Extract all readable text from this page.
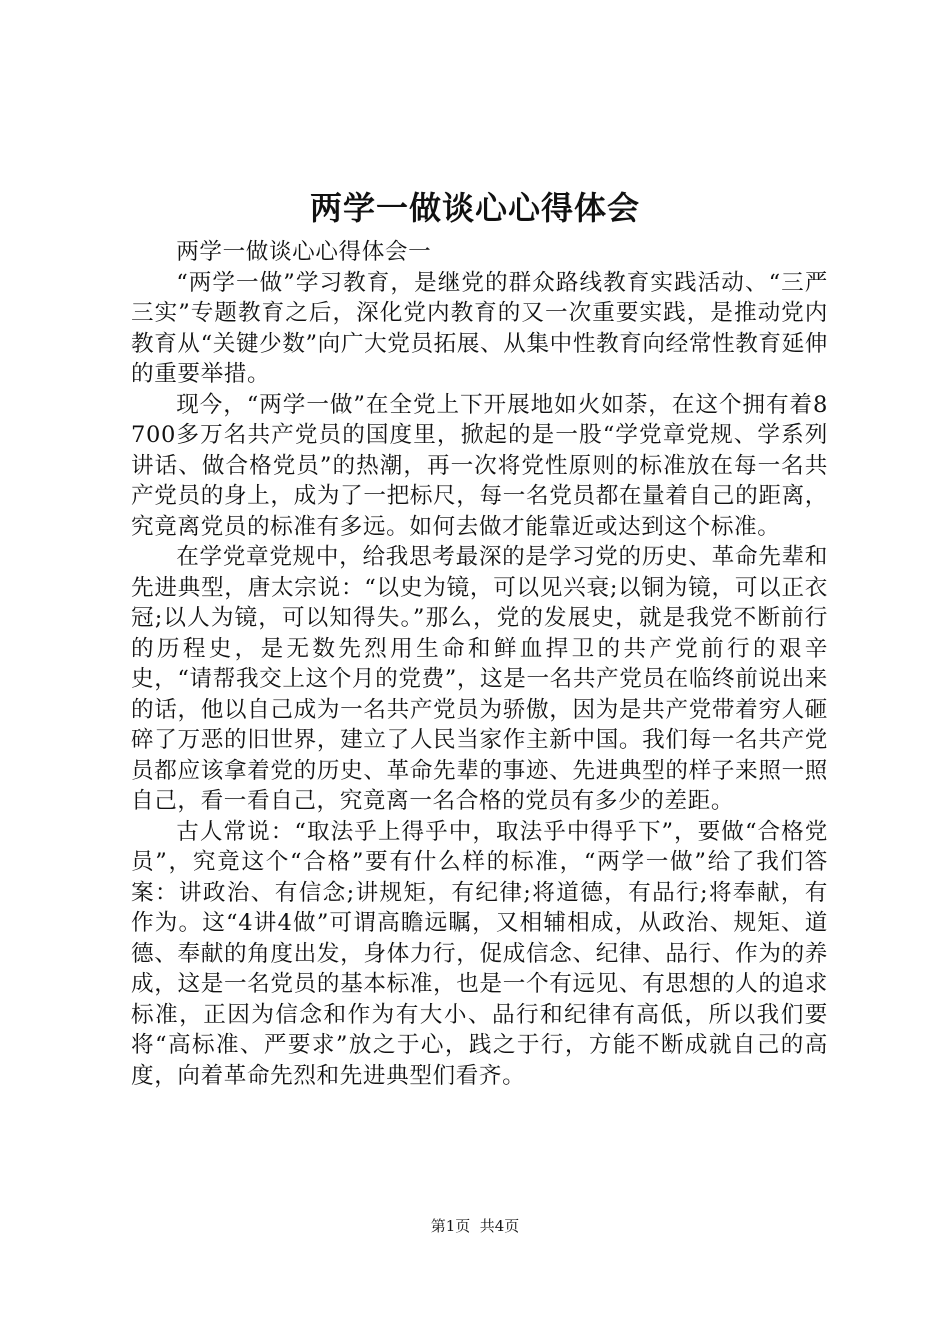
两学一做谈心心得体会

两学一做谈心心得体会一

“两学一做”学习教育，是继党的群众路线教育实践活动、“三严三实”专题教育之后，深化党内教育的又一次重要实践，是推动党内教育从“关键少数”向广大党员拓展、从集中性教育向经常性教育延伸的重要举措。

现今，“两学一做”在全党上下开展地如火如荼，在这个拥有着8700多万名共产党员的国度里，掀起的是一股“学党章党规、学系列讲话、做合格党员”的热潮，再一次将党性原则的标准放在每一名共产党员的身上，成为了一把标尺，每一名党员都在量着自己的距离，究竟离党员的标准有多远。如何去做才能靠近或达到这个标准。

在学党章党规中，给我思考最深的是学习党的历史、革命先辈和先进典型，唐太宗说：“以史为镜，可以见兴衰;以铜为镜，可以正衣冠;以人为镜，可以知得失。”那么，党的发展史，就是我党不断前行的历程史，是无数先烈用生命和鲜血捍卫的共产党前行的艰辛史，“请帮我交上这个月的党费”，这是一名共产党员在临终前说出来的话，他以自己成为一名共产党员为骄傲，因为是共产党带着穷人砸碎了万恶的旧世界，建立了人民当家作主新中国。我们每一名共产党员都应该拿着党的历史、革命先辈的事迹、先进典型的样子来照一照自己，看一看自己，究竟离一名合格的党员有多少的差距。

古人常说：“取法乎上得乎中，取法乎中得乎下”，要做“合格党员”，究竟这个“合格”要有什么样的标准，“两学一做”给了我们答案：讲政治、有信念;讲规矩，有纪律;将道德，有品行;将奉献，有作为。这“4讲4做”可谓高瞻远瞩，又相辅相成，从政治、规矩、道德、奉献的角度出发，身体力行，促成信念、纪律、品行、作为的养成，这是一名党员的基本标准，也是一个有远见、有思想的人的追求标准，正因为信念和作为有大小、品行和纪律有高低，所以我们要将“高标准、严要求”放之于心，践之于行，方能不断成就自己的高度，向着革命先烈和先进典型们看齐。

第1页  共4页
